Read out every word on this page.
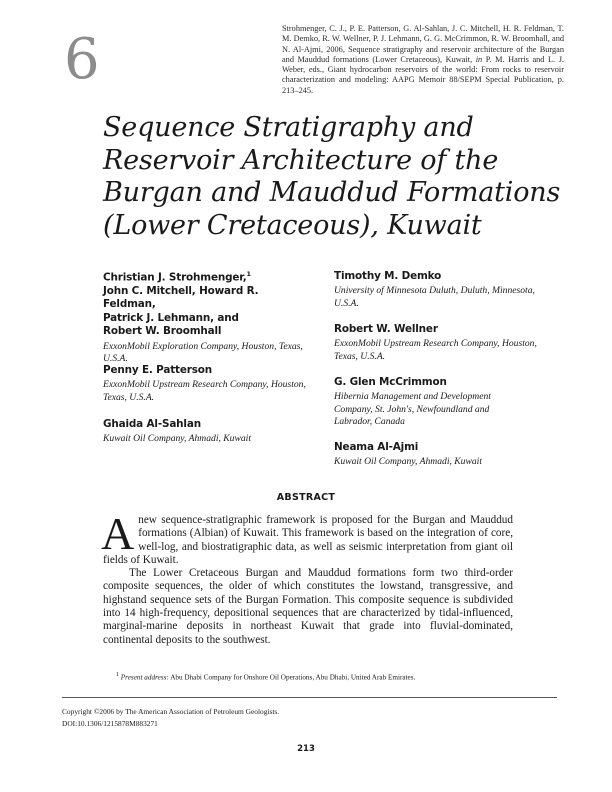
6	Strohmenger, C. J., P. E. Patterson, G. Al-Sahlan, J. C. Mitchell, H. R. Feldman, T. M. Demko, R. W. Wellner, P. J. Lehmann, G. G. McCrimmon, R. W. Broomhall, and N. Al-Ajmi, 2006, Sequence stratigraphy and reservoir architecture of the Burgan and Mauddud formations (Lower Cretaceous), Kuwait, in P. M. Harris and L. J. Weber, eds., Giant hydrocarbon reservoirs of the world: From rocks to reservoir characterization and modeling: AAPG Memoir 88/SEPM Special Publication, p. 213–245.
Sequence Stratigraphy and
Reservoir Architecture of the
Burgan and Mauddud Formations
(Lower Cretaceous), Kuwait
Christian J. Strohmenger,$^1$
John C. Mitchell, Howard R. Feldman,
Patrick J. Lehmann, and
Robert W. Broomhall
ExxonMobil Exploration Company, Houston, Texas, U.S.A.
Penny E. Patterson
ExxonMobil Upstream Research Company, Houston, Texas, U.S.A.
Ghaida Al-Sahlan
Kuwait Oil Company, Ahmadi, Kuwait
Timothy M. Demko
University of Minnesota Duluth, Duluth, Minnesota, U.S.A.
Robert W. Wellner
ExxonMobil Upstream Research Company, Houston, Texas, U.S.A.
G. Glen McCrimmon
Hibernia Management and Development Company, St. John's, Newfoundland and Labrador, Canada
Neama Al-Ajmi
Kuwait Oil Company, Ahmadi, Kuwait
ABSTRACT

Anew sequence-stratigraphic framework is proposed for the Burgan and Mauddud formations (Albian) of Kuwait. This framework is based on the integration of core, well-log, and biostratigraphic data, as well as seismic interpretation from giant oil fields of Kuwait.

The Lower Cretaceous Burgan and Mauddud formations form two third-order composite sequences, the older of which constitutes the lowstand, transgressive, and highstand sequence sets of the Burgan Formation. This composite sequence is subdivided into 14 high-frequency, depositional sequences that are characterized by tidal-influenced, marginal-marine deposits in northeast Kuwait that grade into fluvial-dominated, continental deposits to the southwest.

$^1$ Present address: Abu Dhabi Company for Onshore Oil Operations, Abu Dhabi, United Arab Emirates.
Copyright ©2006 by The American Association of Petroleum Geologists.
DOI:10.1306/1215878M883271
213
